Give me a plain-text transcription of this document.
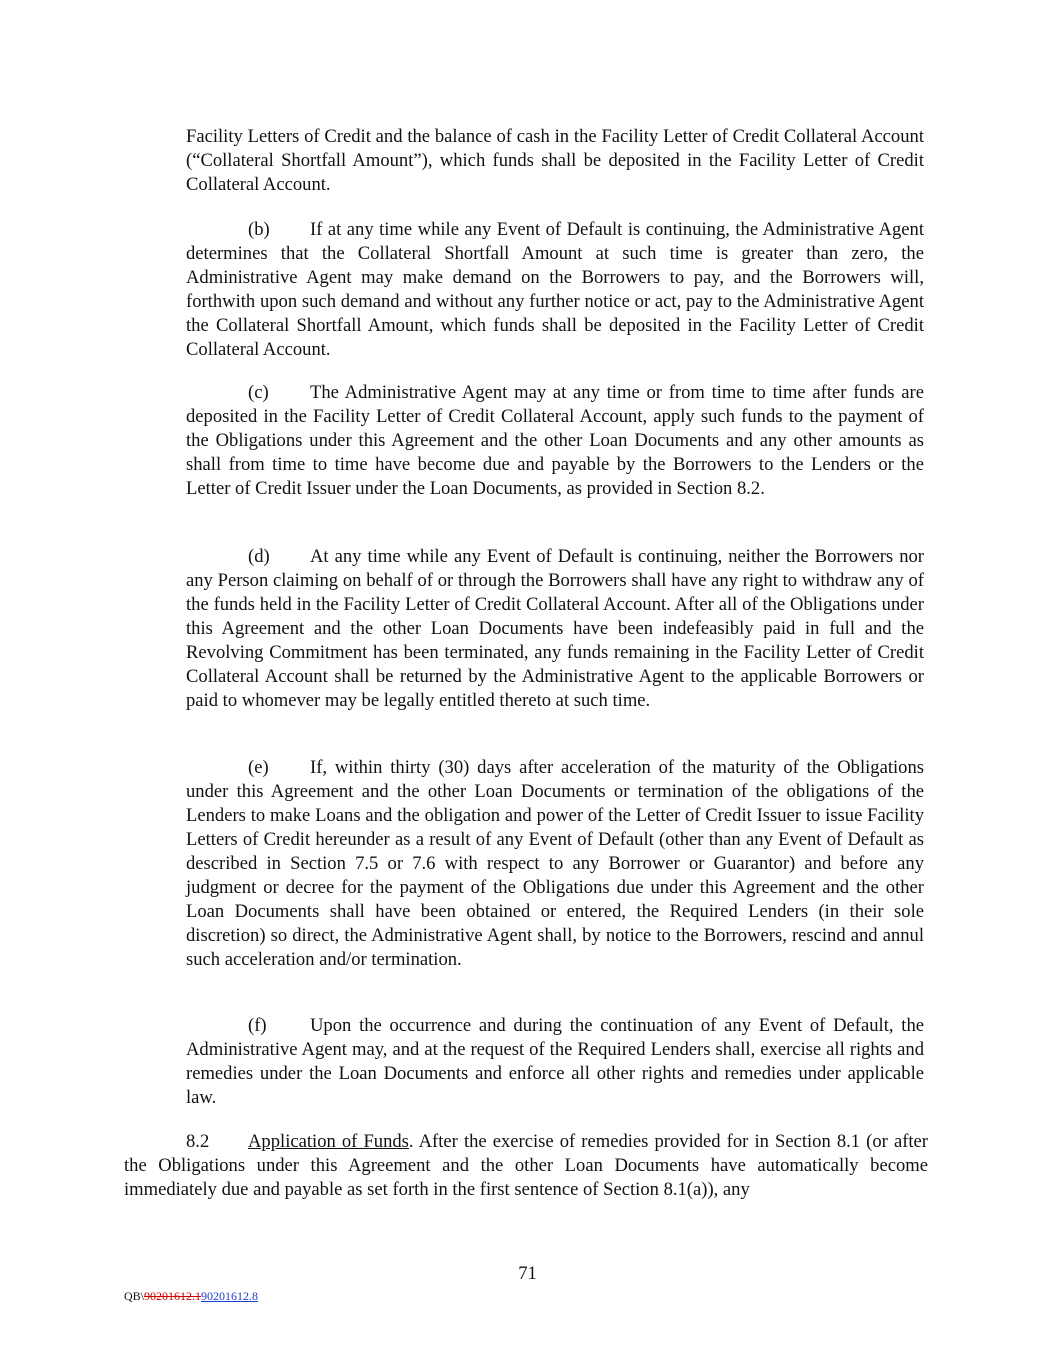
Facility Letters of Credit and the balance of cash in the Facility Letter of Credit Collateral Account (“Collateral Shortfall Amount”), which funds shall be deposited in the Facility Letter of Credit Collateral Account.

(b) If at any time while any Event of Default is continuing, the Administrative Agent determines that the Collateral Shortfall Amount at such time is greater than zero, the Administrative Agent may make demand on the Borrowers to pay, and the Borrowers will, forthwith upon such demand and without any further notice or act, pay to the Administrative Agent the Collateral Shortfall Amount, which funds shall be deposited in the Facility Letter of Credit Collateral Account.

(c) The Administrative Agent may at any time or from time to time after funds are deposited in the Facility Letter of Credit Collateral Account, apply such funds to the payment of the Obligations under this Agreement and the other Loan Documents and any other amounts as shall from time to time have become due and payable by the Borrowers to the Lenders or the Letter of Credit Issuer under the Loan Documents, as provided in Section 8.2.

(d) At any time while any Event of Default is continuing, neither the Borrowers nor any Person claiming on behalf of or through the Borrowers shall have any right to withdraw any of the funds held in the Facility Letter of Credit Collateral Account. After all of the Obligations under this Agreement and the other Loan Documents have been indefeasibly paid in full and the Revolving Commitment has been terminated, any funds remaining in the Facility Letter of Credit Collateral Account shall be returned by the Administrative Agent to the applicable Borrowers or paid to whomever may be legally entitled thereto at such time.

(e) If, within thirty (30) days after acceleration of the maturity of the Obligations under this Agreement and the other Loan Documents or termination of the obligations of the Lenders to make Loans and the obligation and power of the Letter of Credit Issuer to issue Facility Letters of Credit hereunder as a result of any Event of Default (other than any Event of Default as described in Section 7.5 or 7.6 with respect to any Borrower or Guarantor) and before any judgment or decree for the payment of the Obligations due under this Agreement and the other Loan Documents shall have been obtained or entered, the Required Lenders (in their sole discretion) so direct, the Administrative Agent shall, by notice to the Borrowers, rescind and annul such acceleration and/or termination.

(f) Upon the occurrence and during the continuation of any Event of Default, the Administrative Agent may, and at the request of the Required Lenders shall, exercise all rights and remedies under the Loan Documents and enforce all other rights and remedies under applicable law.

8.2 Application of Funds. After the exercise of remedies provided for in Section 8.1 (or after the Obligations under this Agreement and the other Loan Documents have automatically become immediately due and payable as set forth in the first sentence of Section 8.1(a)), any

71
QB\90201612.190201612.8
